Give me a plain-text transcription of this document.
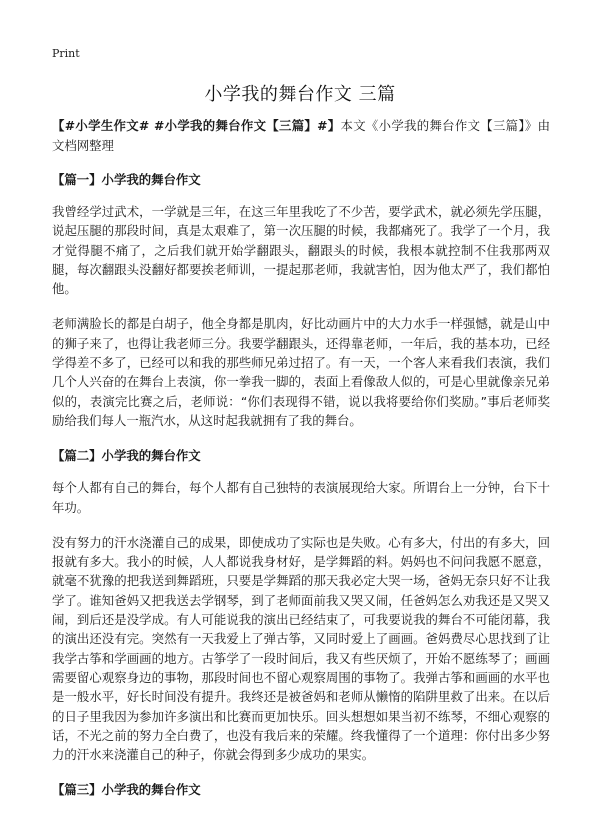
Print
小学我的舞台作文 三篇

【#小学生作文# #小学我的舞台作文【三篇】#】本文《小学我的舞台作文【三篇】》由文档网整理

【篇一】小学我的舞台作文

我曾经学过武术，一学就是三年，在这三年里我吃了不少苦，要学武术，就必须先学压腿，说起压腿的那段时间，真是太艰难了，第一次压腿的时候，我都痛死了。我学了一个月，我才觉得腿不痛了，之后我们就开始学翻跟头，翻跟头的时候，我根本就控制不住我那两双腿，每次翻跟头没翻好都要挨老师训，一提起那老师，我就害怕，因为他太严了，我们都怕他。

老师满脸长的都是白胡子，他全身都是肌肉，好比动画片中的大力水手一样强憾，就是山中的狮子来了，也得让我老师三分。我要学翻跟头，还得靠老师，一年后，我的基本功，已经学得差不多了，已经可以和我的那些师兄弟过招了。有一天，一个客人来看我们表演，我们几个人兴奋的在舞台上表演，你一拳我一脚的，表面上看像敌人似的，可是心里就像亲兄弟似的，表演完比赛之后，老师说：“你们表现得不错，说以我将要给你们奖励。”事后老师奖励给我们每人一瓶汽水，从这时起我就拥有了我的舞台。

【篇二】小学我的舞台作文

每个人都有自己的舞台，每个人都有自己独特的表演展现给大家。所谓台上一分钟，台下十年功。

没有努力的汗水浇灌自己的成果，即使成功了实际也是失败。心有多大，付出的有多大，回报就有多大。我小的时候，人人都说我身材好，是学舞蹈的料。妈妈也不问问我愿不愿意，就毫不犹豫的把我送到舞蹈班，只要是学舞蹈的那天我必定大哭一场，爸妈无奈只好不让我学了。谁知爸妈又把我送去学钢琴，到了老师面前我又哭又闹，任爸妈怎么劝我还是又哭又闹，到后还是没学成。有人可能说我的演出已经结束了，可我要说我的舞台不可能闭幕，我的演出还没有完。突然有一天我爱上了弹古筝，又同时爱上了画画。爸妈费尽心思找到了让我学古筝和学画画的地方。古筝学了一段时间后，我又有些厌烦了，开始不愿练琴了；画画需要留心观察身边的事物，那段时间也不留心观察周围的事物了。我弹古筝和画画的水平也是一般水平，好长时间没有提升。我终还是被爸妈和老师从懒惰的陷阱里救了出来。在以后的日子里我因为参加许多演出和比赛而更加快乐。回头想想如果当初不练琴，不细心观察的话，不光之前的努力全白费了，也没有我后来的荣耀。终我懂得了一个道理：你付出多少努力的汗水来浇灌自己的种子，你就会得到多少成功的果实。

【篇三】小学我的舞台作文
